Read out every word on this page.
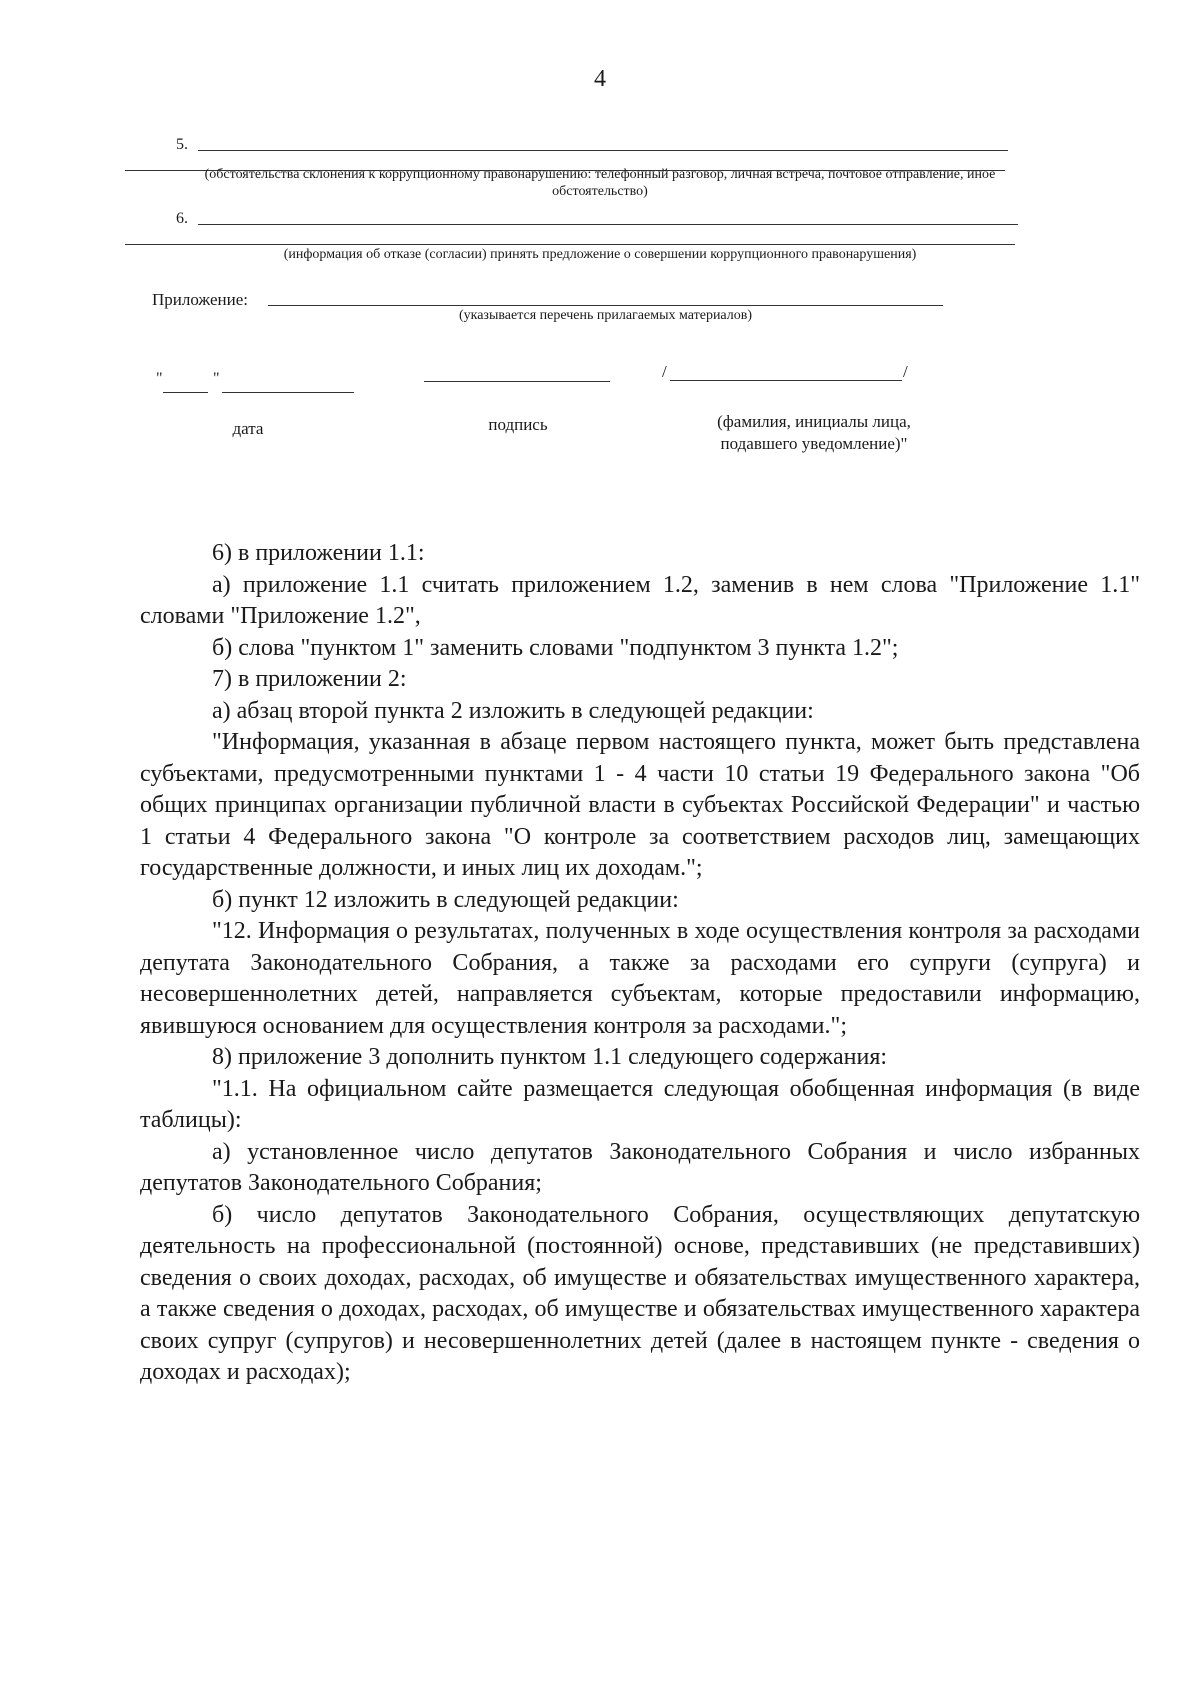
4
5.
(обстоятельства склонения к коррупционному правонарушению: телефонный разговор, личная встреча, почтовое отправление, иное обстоятельство)
6.
(информация об отказе (согласии) принять предложение о совершении коррупционного правонарушения)
Приложение:
(указывается перечень прилагаемых материалов)
"	"	/	/
дата	подпись	(фамилия, инициалы лица, подавшего уведомление)"

6) в приложении 1.1:

а) приложение 1.1 считать приложением 1.2, заменив в нем слова "Приложение 1.1" словами "Приложение 1.2",

б) слова "пунктом 1" заменить словами "подпунктом 3 пункта 1.2";

7) в приложении 2:

а) абзац второй пункта 2 изложить в следующей редакции:

"Информация, указанная в абзаце первом настоящего пункта, может быть представлена субъектами, предусмотренными пунктами 1 - 4 части 10 статьи 19 Федерального закона "Об общих принципах организации публичной власти в субъектах Российской Федерации" и частью 1 статьи 4 Федерального закона "О контроле за соответствием расходов лиц, замещающих государственные должности, и иных лиц их доходам.";

б) пункт 12 изложить в следующей редакции:

"12. Информация о результатах, полученных в ходе осуществления контроля за расходами депутата Законодательного Собрания, а также за расходами его супруги (супруга) и несовершеннолетних детей, направляется субъектам, которые предоставили информацию, явившуюся основанием для осуществления контроля за расходами.";

8) приложение 3 дополнить пунктом 1.1 следующего содержания:

"1.1. На официальном сайте размещается следующая обобщенная информация (в виде таблицы):

а) установленное число депутатов Законодательного Собрания и число избранных депутатов Законодательного Собрания;

б) число депутатов Законодательного Собрания, осуществляющих депутатскую деятельность на профессиональной (постоянной) основе, представивших (не представивших) сведения о своих доходах, расходах, об имуществе и обязательствах имущественного характера, а также сведения о доходах, расходах, об имуществе и обязательствах имущественного характера своих супруг (супругов) и несовершеннолетних детей (далее в настоящем пункте - сведения о доходах и расходах);
